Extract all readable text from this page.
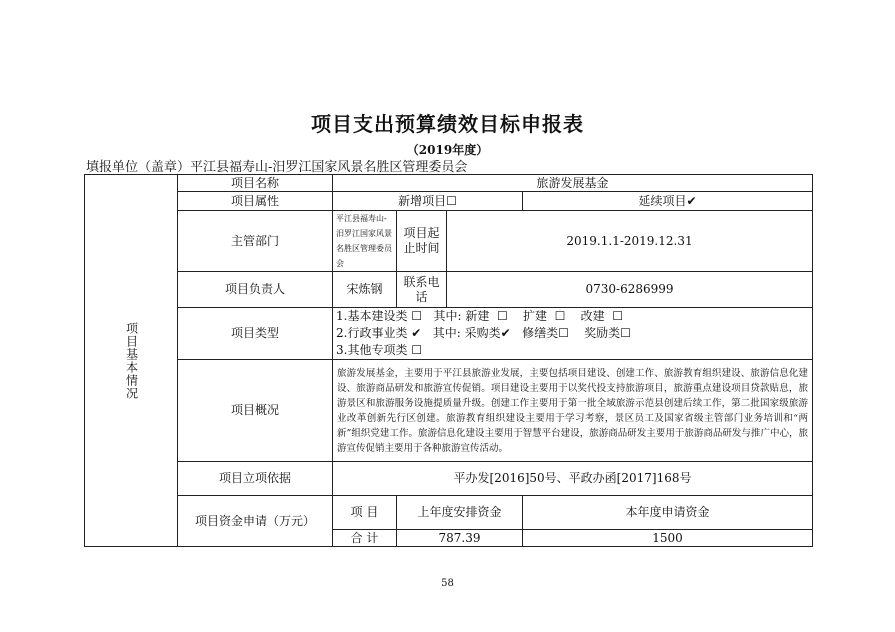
项目支出预算绩效目标申报表
（2019年度）
填报单位（盖章）平江县福寿山-汨罗江国家风景名胜区管理委员会
项目基本情况	项目名称	旅游发展基金			
	项目属性	新增项目☐			延续项目✔
	主管部门	平江县福寿山-汨罗江国家风景名胜区管理委员会	项目起止时间	2019.1.1-2019.12.31	
	项目负责人	宋炼钢	联系电话	0730-6286999	
	项目类型	1.基本建设类 ☐   其中: 新建  ☐    扩建  ☐    改建  ☐
2.行政事业类 ✔   其中: 采购类✔   修缮类☐    奖励类☐
3.其他专项类 ☐			

	项目概况	旅游发展基金，主要用于平江县旅游业发展，主要包括项目建设、创建工作、旅游教育组织建设、旅游信息化建设、旅游商品研发和旅游宣传促销。项目建设主要用于以奖代投支持旅游项目，旅游重点建设项目贷款贴息，旅游景区和旅游服务设施提质量升级。创建工作主要用于第一批全域旅游示范县创建后续工作，第二批国家级旅游业改革创新先行区创建。旅游教育组织建设主要用于学习考察，景区员工及国家省级主管部门业务培训和“两新”组织党建工作。旅游信息化建设主要用于智慧平台建设，旅游商品研发主要用于旅游商品研发与推广中心，旅游宣传促销主要用于各种旅游宣传活动。			
	项目立项依据	平办发[2016]50号、平政办函[2017]168号			
	项目资金申请（万元）	项 目	上年度安排资金		本年度申请资金
		合 计	787.39		1500
58
